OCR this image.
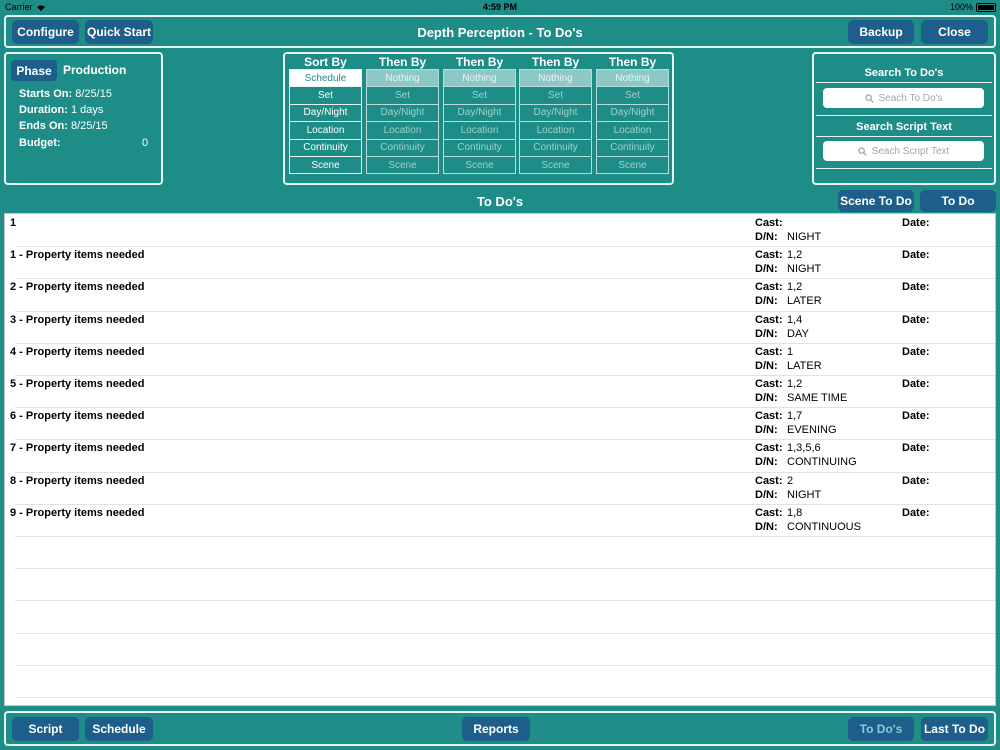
Carrier	4:59 PM	100%
Configure	Quick Start	Depth Perception - To Do's	Backup	Close
Phase Production
Starts On: 8/25/15
Duration: 1 days
Ends On: 8/25/15
Budget:	0
Sort By
Schedule
Set
Day/Night
Location
Continuity
Scene
Then By
Nothing
Set
Day/Night
Location
Continuity
Scene
Then By
Nothing
Set
Day/Night
Location
Continuity
Scene
Then By
Nothing
Set
Day/Night
Location
Continuity
Scene
Then By
Nothing
Set
Day/Night
Location
Continuity
Scene
Search To Do's
Seach To Do's
Search Script Text
Seach Script Text
To Do's	Scene To Do	To Do
1	Cast:
D/N: NIGHT
Date:
1 - Property items needed	Cast: 1,2
D/N: NIGHT
Date:
2 - Property items needed	Cast: 1,2
D/N: LATER
Date:
3 - Property items needed	Cast: 1,4
D/N: DAY
Date:
4 - Property items needed	Cast: 1
D/N: LATER
Date:
5 - Property items needed	Cast: 1,2
D/N: SAME TIME
Date:
6 - Property items needed	Cast: 1,7
D/N: EVENING
Date:
7 - Property items needed	Cast: 1,3,5,6
D/N: CONTINUING
Date:
8 - Property items needed	Cast: 2
D/N: NIGHT
Date:
9 - Property items needed	Cast: 1,8
D/N: CONTINUOUS
Date:
Script	Schedule	Reports	To Do's	Last To Do
